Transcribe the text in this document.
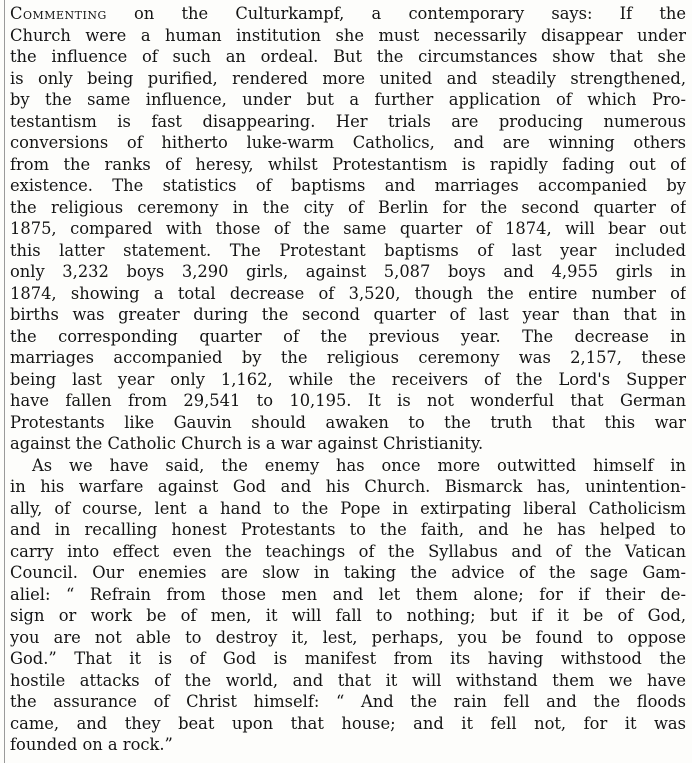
Commenting on the Culturkampf, a contemporary says: If the
Church were a human institution she must necessarily disappear under
the influence of such an ordeal. But the circumstances show that she
is only being purified, rendered more united and steadily strengthened,
by the same influence, under but a further application of which Pro-
testantism is fast disappearing. Her trials are producing numerous
conversions of hitherto luke-warm Catholics, and are winning others
from the ranks of heresy, whilst Protestantism is rapidly fading out of
existence. The statistics of baptisms and marriages accompanied by
the religious ceremony in the city of Berlin for the second quarter of
1875, compared with those of the same quarter of 1874, will bear out
this latter statement. The Protestant baptisms of last year included
only 3,232 boys 3,290 girls, against 5,087 boys and 4,955 girls in
1874, showing a total decrease of 3,520, though the entire number of
births was greater during the second quarter of last year than that in
the corresponding quarter of the previous year. The decrease in
marriages accompanied by the religious ceremony was 2,157, these
being last year only 1,162, while the receivers of the Lord's Supper
have fallen from 29,541 to 10,195. It is not wonderful that German
Protestants like Gauvin should awaken to the truth that this war
against the Catholic Church is a war against Christianity.
As we have said, the enemy has once more outwitted himself in
in his warfare against God and his Church. Bismarck has, unintention-
ally, of course, lent a hand to the Pope in extirpating liberal Catholicism
and in recalling honest Protestants to the faith, and he has helped to
carry into effect even the teachings of the Syllabus and of the Vatican
Council. Our enemies are slow in taking the advice of the sage Gam-
aliel: “ Refrain from those men and let them alone; for if their de-
sign or work be of men, it will fall to nothing; but if it be of God,
you are not able to destroy it, lest, perhaps, you be found to oppose
God.” That it is of God is manifest from its having withstood the
hostile attacks of the world, and that it will withstand them we have
the assurance of Christ himself: “ And the rain fell and the floods
came, and they beat upon that house; and it fell not, for it was
founded on a rock.”
